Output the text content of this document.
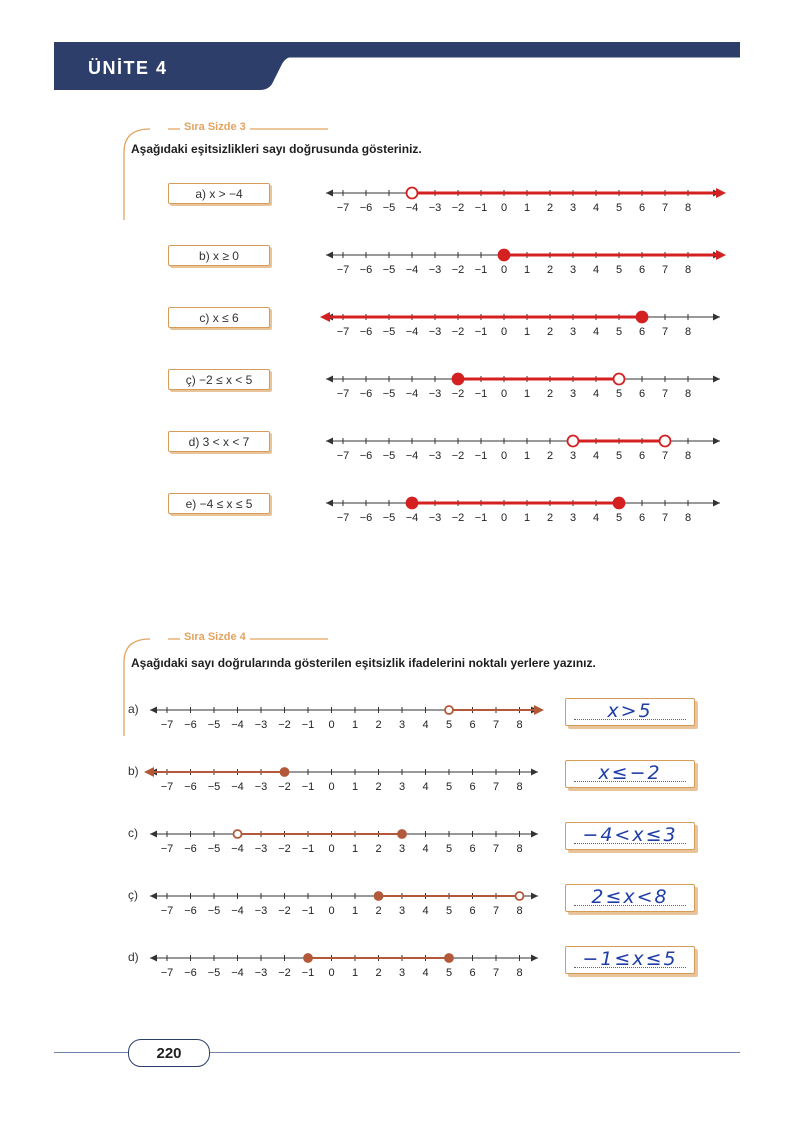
ÜNİTE 4
Sıra Sizde 3
Aşağıdaki eşitsizlikleri sayı doğrusunda gösteriniz.
a) x > −4
−7 −6 −5 −4 −3 −2 −1 0 1 2 3 4 5 6 7 8
b) x ≥ 0
−7 −6 −5 −4 −3 −2 −1 0 1 2 3 4 5 6 7 8
c) x ≤ 6
−7 −6 −5 −4 −3 −2 −1 0 1 2 3 4 5 6 7 8
ç) −2 ≤ x < 5
−7 −6 −5 −4 −3 −2 −1 0 1 2 3 4 5 6 7 8
d) 3 < x < 7
−7 −6 −5 −4 −3 −2 −1 0 1 2 3 4 5 6 7 8
e) −4 ≤ x ≤ 5
−7 −6 −5 −4 −3 −2 −1 0 1 2 3 4 5 6 7 8
Sıra Sizde 4
Aşağıdaki sayı doğrularında gösterilen eşitsizlik ifadelerini noktalı yerlere yazınız.
a)
−7 −6 −5 −4 −3 −2 −1 0 1 2 3 4 5 6 7 8
x>5
b)
−7 −6 −5 −4 −3 −2 −1 0 1 2 3 4 5 6 7 8
x≤−2
c)
−7 −6 −5 −4 −3 −2 −1 0 1 2 3 4 5 6 7 8
−4<x≤3
ç)
−7 −6 −5 −4 −3 −2 −1 0 1 2 3 4 5 6 7 8
2≤x<8
d)
−7 −6 −5 −4 −3 −2 −1 0 1 2 3 4 5 6 7 8
−1≤x≤5
220
